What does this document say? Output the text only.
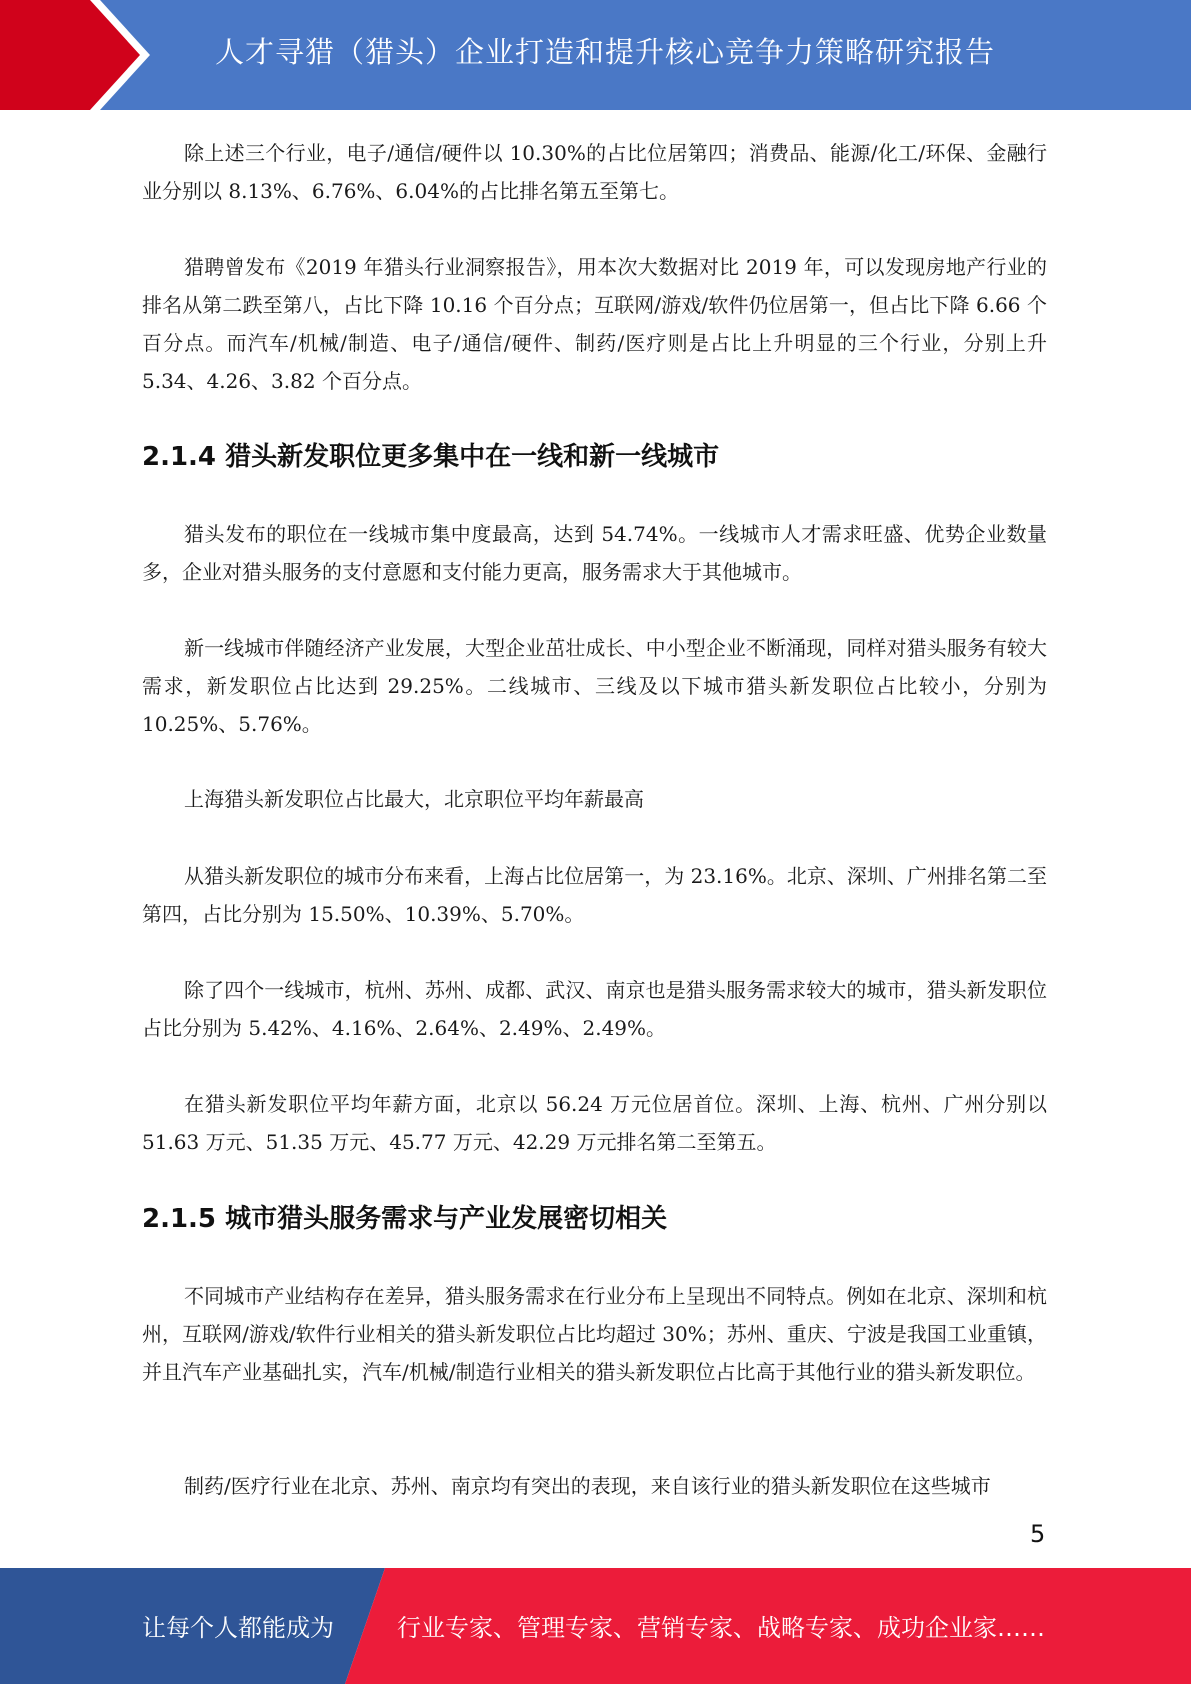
人才寻猎（猎头）企业打造和提升核心竞争力策略研究报告

除上述三个行业，电子/通信/硬件以 10.30%的占比位居第四；消费品、能源/化工/环保、金融行业分别以 8.13%、6.76%、6.04%的占比排名第五至第七。

猎聘曾发布《2019 年猎头行业洞察报告》，用本次大数据对比 2019 年，可以发现房地产行业的排名从第二跌至第八，占比下降 10.16 个百分点；互联网/游戏/软件仍位居第一，但占比下降 6.66 个百分点。而汽车/机械/制造、电子/通信/硬件、制药/医疗则是占比上升明显的三个行业，分别上升 5.34、4.26、3.82 个百分点。

2.1.4 猎头新发职位更多集中在一线和新一线城市

猎头发布的职位在一线城市集中度最高，达到 54.74%。一线城市人才需求旺盛、优势企业数量多，企业对猎头服务的支付意愿和支付能力更高，服务需求大于其他城市。

新一线城市伴随经济产业发展，大型企业茁壮成长、中小型企业不断涌现，同样对猎头服务有较大需求，新发职位占比达到 29.25%。二线城市、三线及以下城市猎头新发职位占比较小，分别为 10.25%、5.76%。

上海猎头新发职位占比最大，北京职位平均年薪最高

从猎头新发职位的城市分布来看，上海占比位居第一，为 23.16%。北京、深圳、广州排名第二至第四，占比分别为 15.50%、10.39%、5.70%。

除了四个一线城市，杭州、苏州、成都、武汉、南京也是猎头服务需求较大的城市，猎头新发职位占比分别为 5.42%、4.16%、2.64%、2.49%、2.49%。

在猎头新发职位平均年薪方面，北京以 56.24 万元位居首位。深圳、上海、杭州、广州分别以 51.63 万元、51.35 万元、45.77 万元、42.29 万元排名第二至第五。

2.1.5 城市猎头服务需求与产业发展密切相关

不同城市产业结构存在差异，猎头服务需求在行业分布上呈现出不同特点。例如在北京、深圳和杭州，互联网/游戏/软件行业相关的猎头新发职位占比均超过 30%；苏州、重庆、宁波是我国工业重镇，并且汽车产业基础扎实，汽车/机械/制造行业相关的猎头新发职位占比高于其他行业的猎头新发职位。

制药/医疗行业在北京、苏州、南京均有突出的表现，来自该行业的猎头新发职位在这些城市

5
让每个人都能成为	行业专家、管理专家、营销专家、战略专家、成功企业家……
